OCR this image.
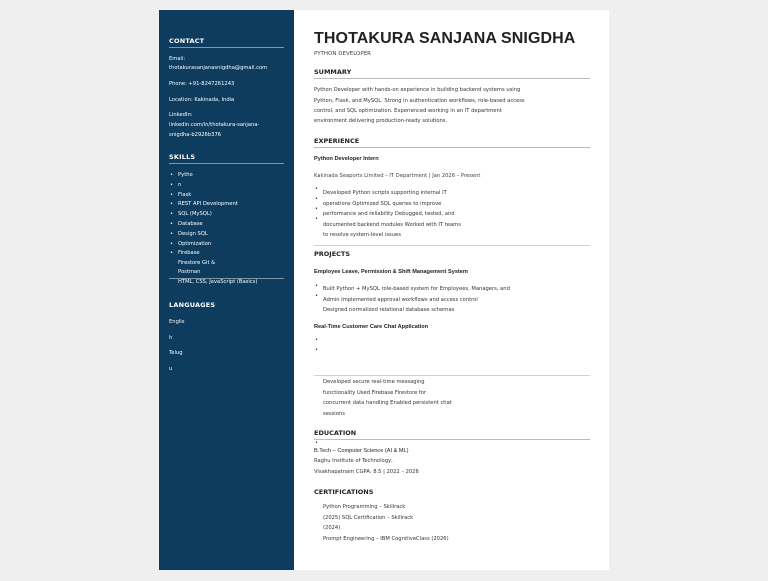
CONTACT
Email:
thotakurasanjanasnigdha@gmail.com
Phone: +91-8247261243
Location: Kakinada, India
LinkedIn:
linkedin.com/in/thotakura-sanjana-
snigdha-b2926b376
SKILLS
• Pytho
• n
• Flask
• REST API Development
• SQL (MySQL)
• Database
• Design SQL
• Optimization
• Firebase
Firestore Git &
Postman
HTML, CSS, JavaScript (Basics)
LANGUAGES
Englis
h
Telug
u
THOTAKURA SANJANA SNIGDHA
PYTHON DEVELOPER
SUMMARY
Python Developer with hands-on experience in building backend systems using
Python, Flask, and MySQL. Strong in authentication workflows, role-based access
control, and SQL optimization. Experienced working in an IT department
environment delivering production-ready solutions.
EXPERIENCE
Python Developer Intern
Kakinada Seaports Limited – IT Department | Jan 2026 – Present
•
•
•
•
Developed Python scripts supporting internal IT
operations Optimized SQL queries to improve
performance and reliability Debugged, tested, and
documented backend modules Worked with IT teams
to resolve system-level issues
PROJECTS
Employee Leave, Permission & Shift Management System
•
•
Built Python + MySQL role-based system for Employees, Managers, and
Admin Implemented approval workflows and access control
Designed normalized relational database schemas
Real-Time Customer Care Chat Application
•
•
Developed secure real-time messaging
functionality Used Firebase Firestore for
concurrent data handling Enabled persistent chat
sessions
EDUCATION
•
B.Tech – Computer Science (AI & ML)
Raghu Institute of Technology,
Visakhapatnam CGPA: 8.5 | 2022 – 2026
CERTIFICATIONS
Python Programming – Skillrack
(2025) SQL Certification – Skillrack
(2024)
Prompt Engineering – IBM CognitiveClass (2026)
